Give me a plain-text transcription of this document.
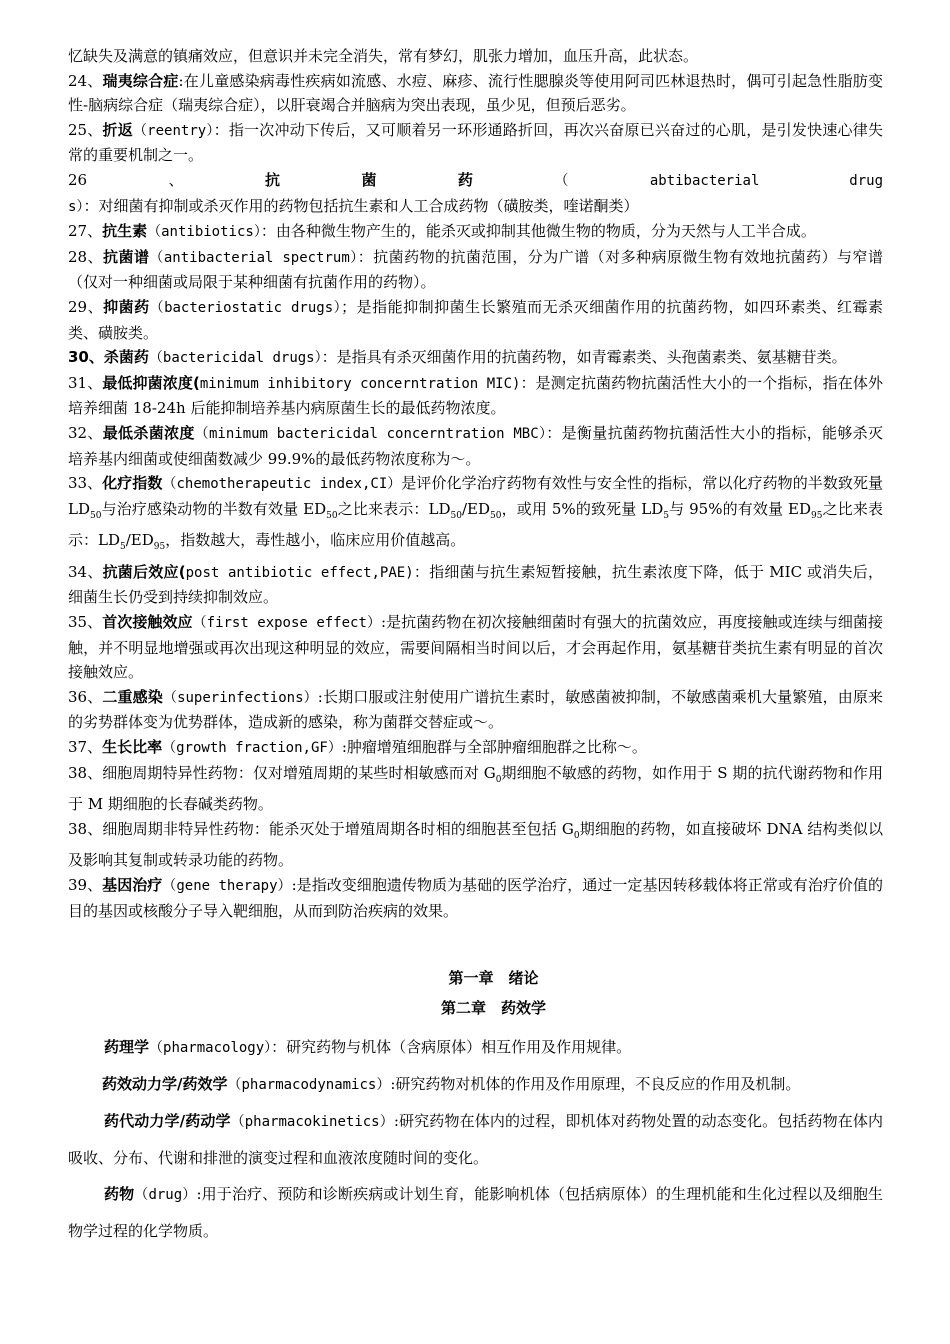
忆缺失及满意的镇痛效应，但意识并未完全消失，常有梦幻，肌张力增加，血压升高，此状态。

24、瑞夷综合症:在儿童感染病毒性疾病如流感、水痘、麻疹、流行性腮腺炎等使用阿司匹林退热时，偶可引起急性脂肪变性-脑病综合症（瑞夷综合症），以肝衰竭合并脑病为突出表现，虽少见，但预后恶劣。

25、折返（reentry）：指一次冲动下传后，又可顺着另一环形通路折回，再次兴奋原已兴奋过的心肌，是引发快速心律失常的重要机制之一。

26、抗菌药（abtibacterial drugs）：对细菌有抑制或杀灭作用的药物包括抗生素和人工合成药物（磺胺类，喹诺酮类）

27、抗生素（antibiotics）：由各种微生物产生的，能杀灭或抑制其他微生物的物质，分为天然与人工半合成。

28、抗菌谱（antibacterial spectrum）：抗菌药物的抗菌范围，分为广谱（对多种病原微生物有效地抗菌药）与窄谱（仅对一种细菌或局限于某种细菌有抗菌作用的药物）。

29、抑菌药（bacteriostatic drugs）；是指能抑制抑菌生长繁殖而无杀灭细菌作用的抗菌药物，如四环素类、红霉素类、磺胺类。

30、杀菌药（bactericidal drugs）：是指具有杀灭细菌作用的抗菌药物，如青霉素类、头孢菌素类、氨基糖苷类。

31、最低抑菌浓度(minimum inhibitory concerntration MIC)：是测定抗菌药物抗菌活性大小的一个指标，指在体外培养细菌 18-24h 后能抑制培养基内病原菌生长的最低药物浓度。

32、最低杀菌浓度（minimum bactericidal concerntration MBC）：是衡量抗菌药物抗菌活性大小的指标，能够杀灭培养基内细菌或使细菌数减少 99.9%的最低药物浓度称为～。

33、化疗指数（chemotherapeutic index,CI）是评价化学治疗药物有效性与安全性的指标，常以化疗药物的半数致死量 $LD_{50}$与治疗感染动物的半数有效量 $ED_{50}$之比来表示：$LD_{50}/ED_{50}$，或用 5%的致死量 $LD_5$与 95%的有效量 $ED_{95}$之比来表示：$LD_5/ED_{95}$，指数越大，毒性越小，临床应用价值越高。

34、抗菌后效应(post antibiotic effect,PAE)：指细菌与抗生素短暂接触，抗生素浓度下降，低于 MIC 或消失后，细菌生长仍受到持续抑制效应。

35、首次接触效应（first expose effect）:是抗菌药物在初次接触细菌时有强大的抗菌效应，再度接触或连续与细菌接触，并不明显地增强或再次出现这种明显的效应，需要间隔相当时间以后，才会再起作用，氨基糖苷类抗生素有明显的首次接触效应。

36、二重感染（superinfections）:长期口服或注射使用广谱抗生素时，敏感菌被抑制，不敏感菌乘机大量繁殖，由原来的劣势群体变为优势群体，造成新的感染，称为菌群交替症或～。

37、生长比率（growth fraction,GF）:肿瘤增殖细胞群与全部肿瘤细胞群之比称～。

38、细胞周期特异性药物：仅对增殖周期的某些时相敏感而对 $G_0$期细胞不敏感的药物，如作用于 S 期的抗代谢药物和作用于 M 期细胞的长春碱类药物。

38、细胞周期非特异性药物：能杀灭处于增殖周期各时相的细胞甚至包括 $G_0$期细胞的药物，如直接破坏 DNA 结构类似以及影响其复制或转录功能的药物。

39、基因治疗（gene therapy）:是指改变细胞遗传物质为基础的医学治疗，通过一定基因转移载体将正常或有治疗价值的目的基因或核酸分子导入靶细胞，从而到防治疾病的效果。

第一章　绪论

第二章　药效学

药理学（pharmacology）：研究药物与机体（含病原体）相互作用及作用规律。

药效动力学/药效学（pharmacodynamics）:研究药物对机体的作用及作用原理，不良反应的作用及机制。

药代动力学/药动学（pharmacokinetics）:研究药物在体内的过程，即机体对药物处置的动态变化。包括药物在体内吸收、分布、代谢和排泄的演变过程和血液浓度随时间的变化。

药物（drug）:用于治疗、预防和诊断疾病或计划生育，能影响机体（包括病原体）的生理机能和生化过程以及细胞生物学过程的化学物质。
